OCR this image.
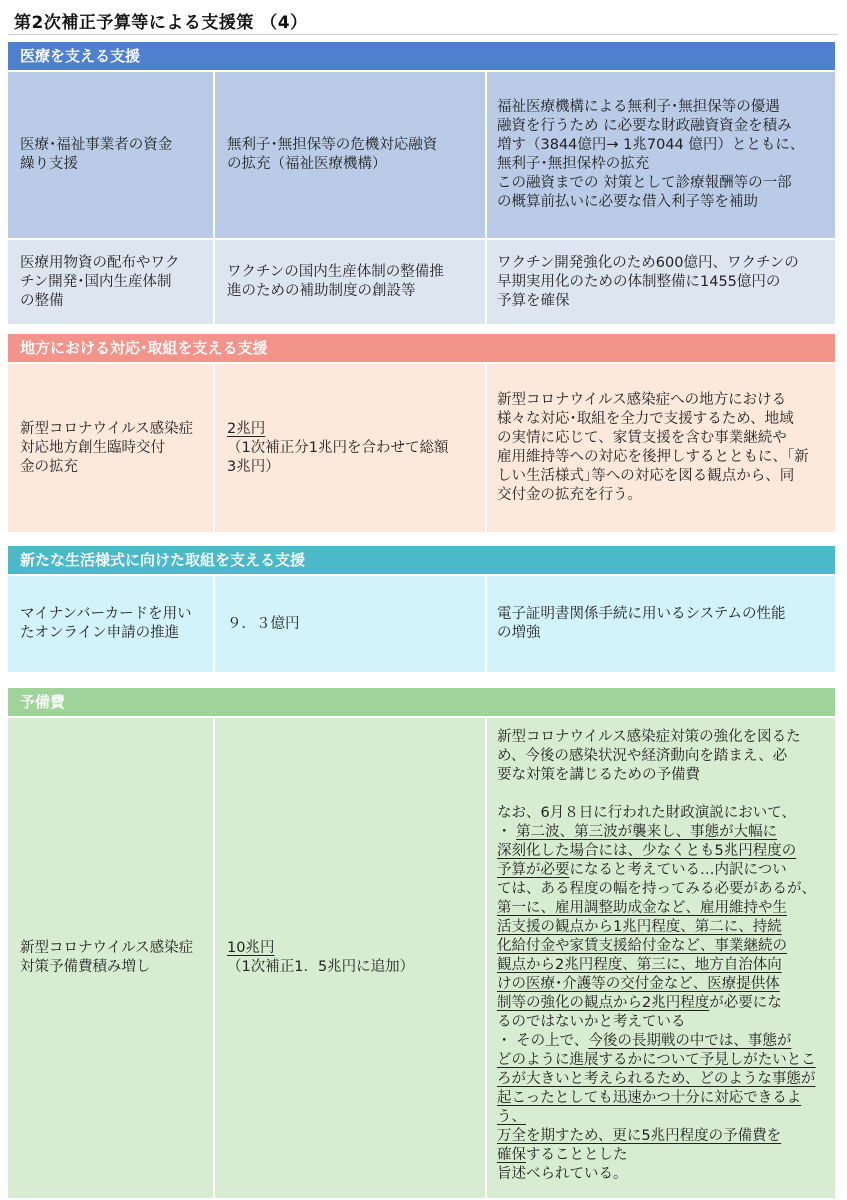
第2次補正予算等による支援策 （4）
医療を支える支援
医療･福祉事業者の資金
繰り支援
無利子･無担保等の危機対応融資
の拡充（福祉医療機構）
福祉医療機構による無利子･無担保等の優遇
融資を行うため に必要な財政融資資金を積み
増す（3844億円→ 1兆7044 億円）とともに、
無利子･無担保枠の拡充
この融資までの 対策として診療報酬等の一部
の概算前払いに必要な借入利子等を補助
医療用物資の配布やワク
チン開発･国内生産体制
の整備
ワクチンの国内生産体制の整備推
進のための補助制度の創設等
ワクチン開発強化のため600億円、ワクチンの
早期実用化のための体制整備に1455億円の
予算を確保
地方における対応･取組を支える支援
新型コロナウイルス感染症
対応地方創生臨時交付
金の拡充
2兆円
（1次補正分1兆円を合わせて総額
3兆円）
新型コロナウイルス感染症への地方における
様々な対応･取組を全力で支援するため、地域
の実情に応じて、家賃支援を含む事業継続や
雇用維持等への対応を後押しするとともに、｢新
しい生活様式｣等への対応を図る観点から、同
交付金の拡充を行う。
新たな生活様式に向けた取組を支える支援
マイナンバーカードを用い
たオンライン申請の推進
９．３億円
電子証明書関係手続に用いるシステムの性能
の増強
予備費
新型コロナウイルス感染症
対策予備費積み増し
10兆円
（1次補正1．5兆円に追加）
新型コロナウイルス感染症対策の強化を図るた
め、今後の感染状況や経済動向を踏まえ、必
要な対策を講じるための予備費
なお、6月８日に行われた財政演説において、
・ 第二波、第三波が襲来し、事態が大幅に
深刻化した場合には、少なくとも5兆円程度の
予算が必要になると考えている…内訳につい
ては、ある程度の幅を持ってみる必要があるが、
第一に、雇用調整助成金など、雇用維持や生
活支援の観点から1兆円程度、第二に、持続
化給付金や家賃支援給付金など、事業継続の
観点から2兆円程度、第三に、地方自治体向
けの医療･介護等の交付金など、医療提供体
制等の強化の観点から2兆円程度が必要にな
るのではないかと考えている
・ その上で、今後の長期戦の中では、事態が
どのように進展するかについて予見しがたいとこ
ろが大きいと考えられるため、どのような事態が
起こったとしても迅速かつ十分に対応できるよう、
万全を期すため、更に5兆円程度の予備費を
確保することとした
旨述べられている。
